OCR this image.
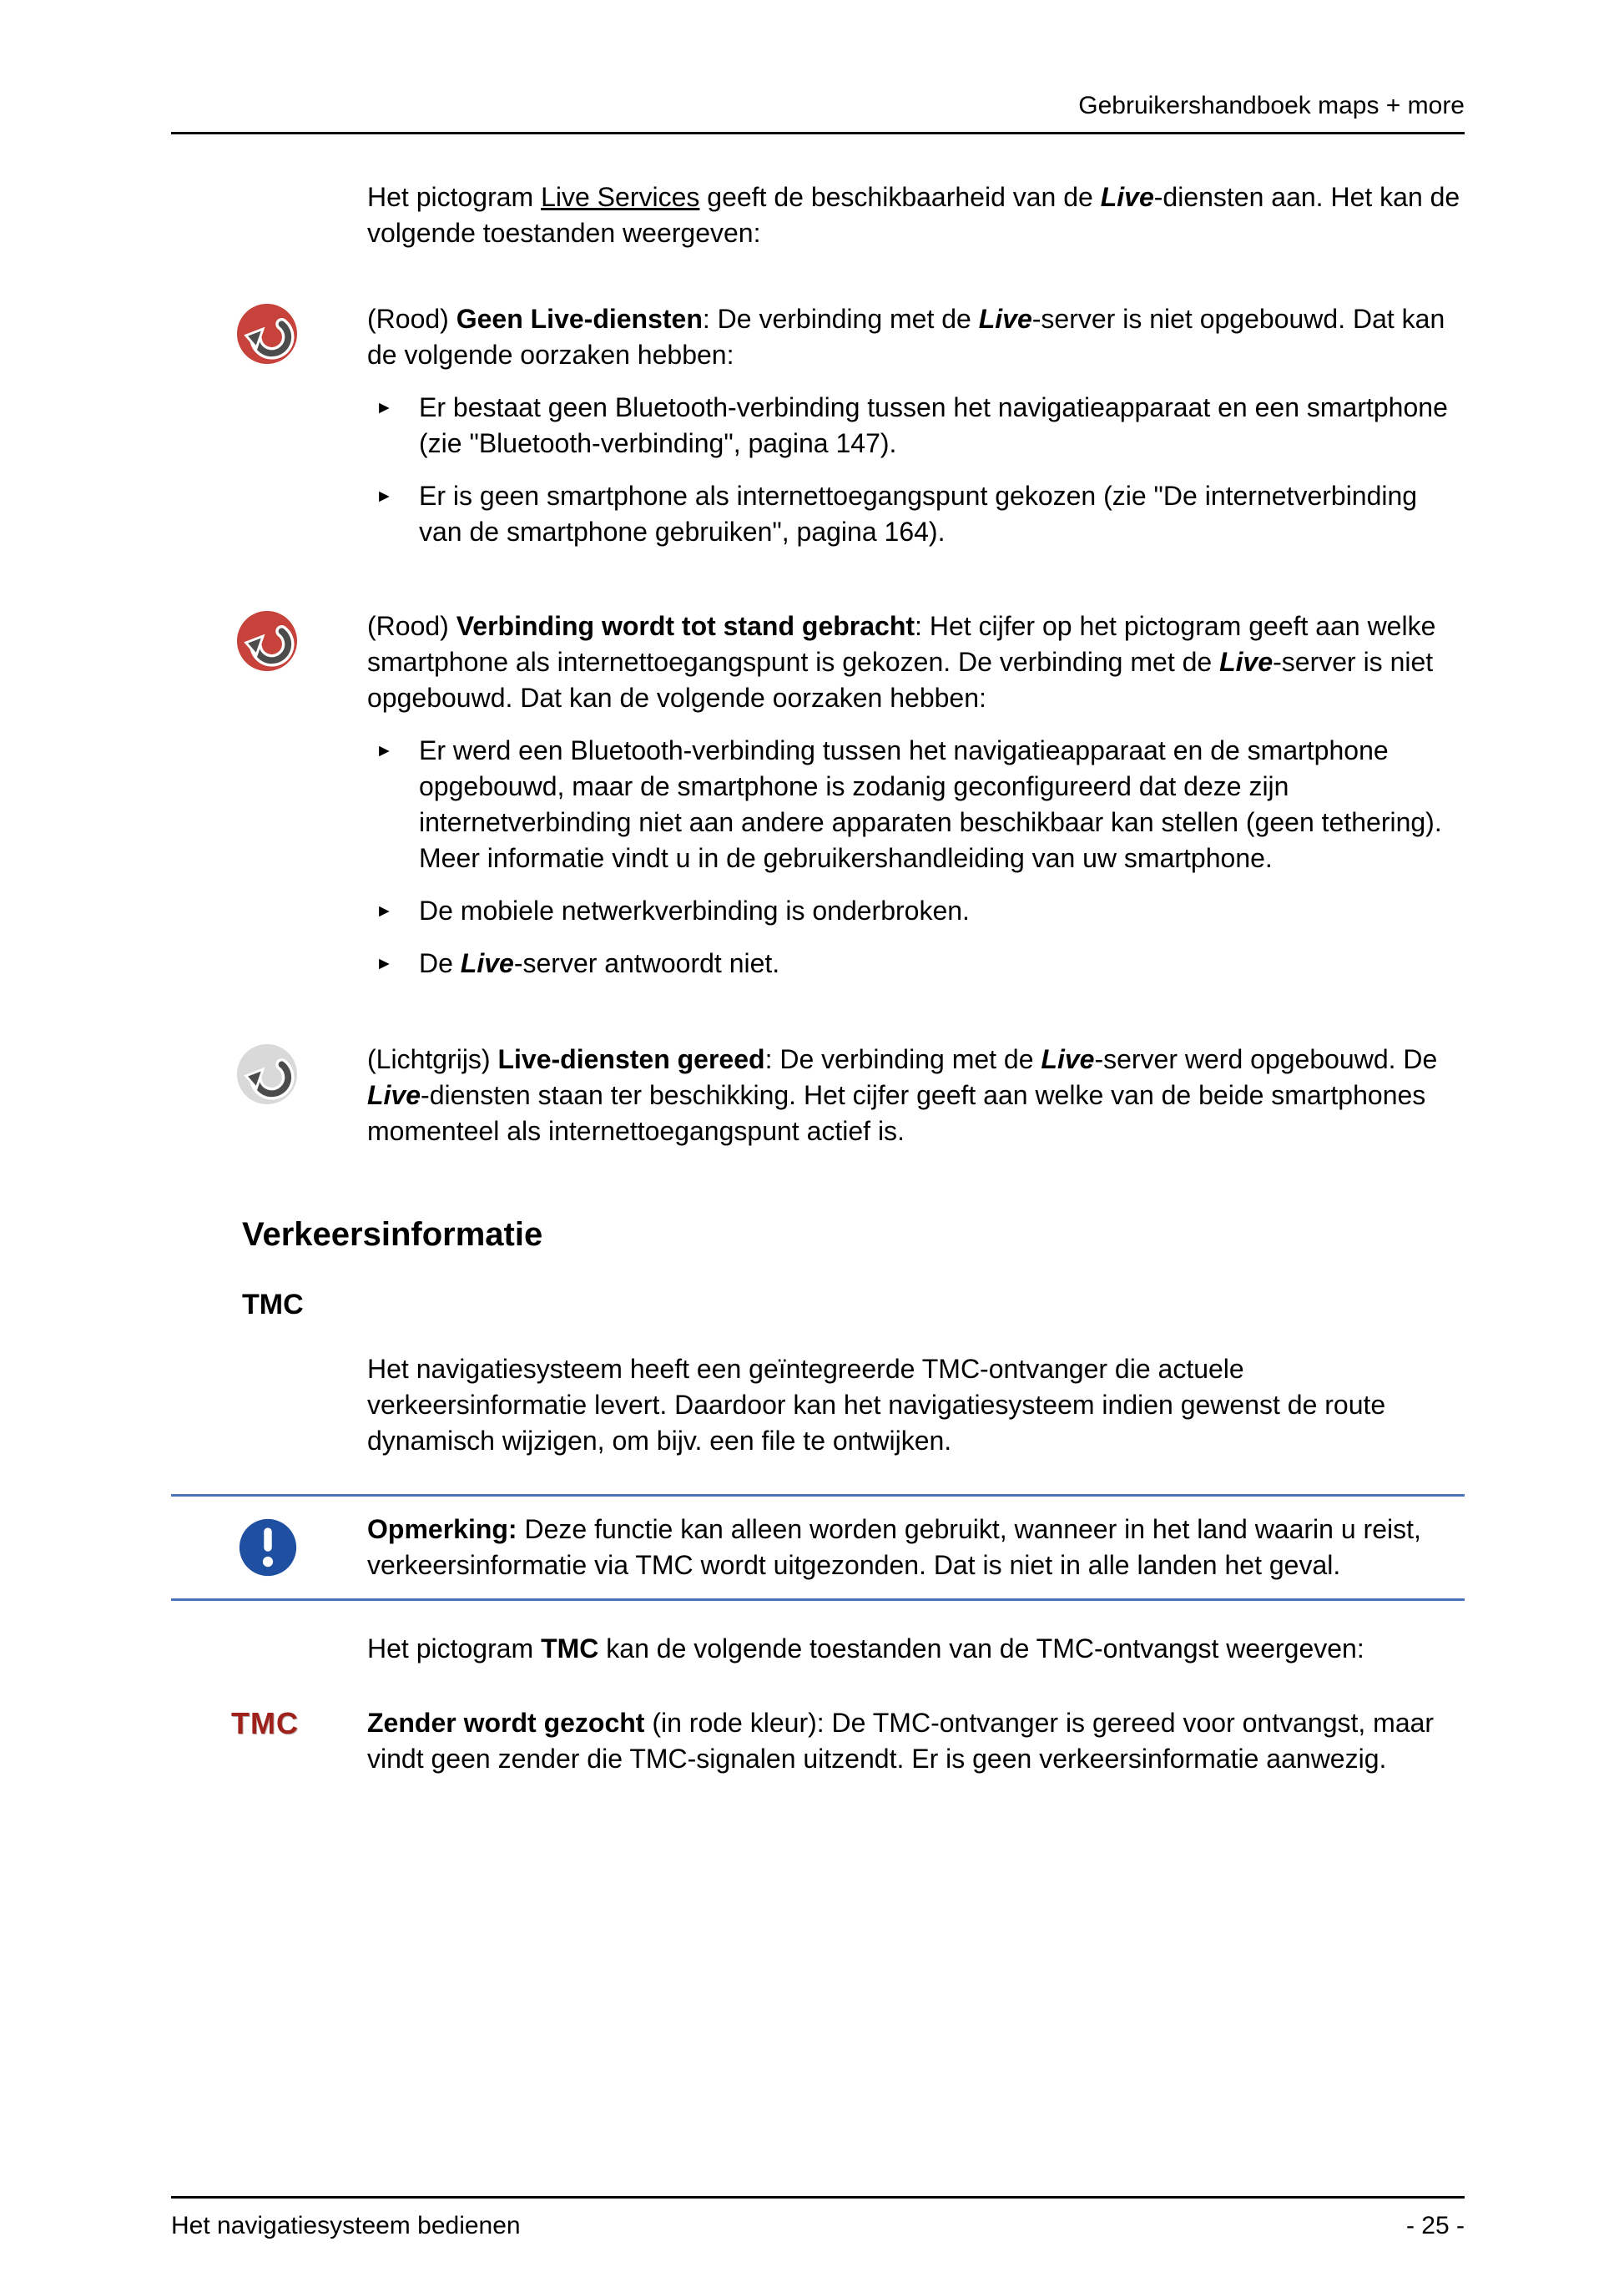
Gebruikershandboek maps + more

Het pictogram Live Services geeft de beschikbaarheid van de Live-diensten aan. Het kan de volgende toestanden weergeven:

(Rood) Geen Live-diensten: De verbinding met de Live-server is niet opgebouwd. Dat kan de volgende oorzaken hebben:

► Er bestaat geen Bluetooth-verbinding tussen het navigatieapparaat en een smartphone (zie "Bluetooth-verbinding", pagina 147).

► Er is geen smartphone als internettoegangspunt gekozen (zie "De internetverbinding van de smartphone gebruiken", pagina 164).

(Rood) Verbinding wordt tot stand gebracht: Het cijfer op het pictogram geeft aan welke smartphone als internettoegangspunt is gekozen. De verbinding met de Live-server is niet opgebouwd. Dat kan de volgende oorzaken hebben:

► Er werd een Bluetooth-verbinding tussen het navigatieapparaat en de smartphone opgebouwd, maar de smartphone is zodanig geconfigureerd dat deze zijn internetverbinding niet aan andere apparaten beschikbaar kan stellen (geen tethering). Meer informatie vindt u in de gebruikershandleiding van uw smartphone.

► De mobiele netwerkverbinding is onderbroken.

► De Live-server antwoordt niet.

(Lichtgrijs) Live-diensten gereed: De verbinding met de Live-server werd opgebouwd. De Live-diensten staan ter beschikking. Het cijfer geeft aan welke van de beide smartphones momenteel als internettoegangspunt actief is.

Verkeersinformatie
TMC

Het navigatiesysteem heeft een geïntegreerde TMC-ontvanger die actuele verkeersinformatie levert. Daardoor kan het navigatiesysteem indien gewenst de route dynamisch wijzigen, om bijv. een file te ontwijken.

Opmerking: Deze functie kan alleen worden gebruikt, wanneer in het land waarin u reist, verkeersinformatie via TMC wordt uitgezonden. Dat is niet in alle landen het geval.

Het pictogram TMC kan de volgende toestanden van de TMC-ontvangst weergeven:

TMC	Zender wordt gezocht (in rode kleur): De TMC-ontvanger is gereed voor ontvangst, maar vindt geen zender die TMC-signalen uitzendt. Er is geen verkeersinformatie aanwezig.

Het navigatiesysteem bedienen	- 25 -
